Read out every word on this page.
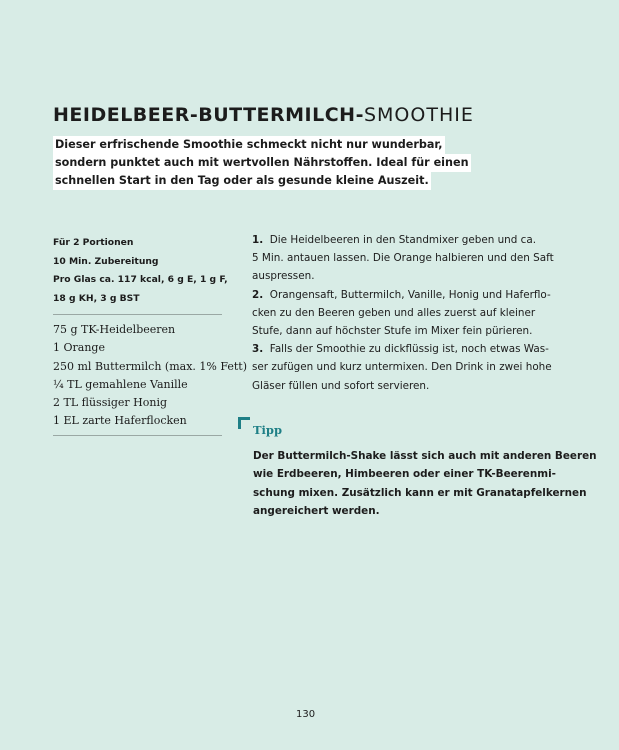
HEIDELBEER-BUTTERMILCH-SMOOTHIE
Dieser erfrischende Smoothie schmeckt nicht nur wunderbar,
sondern punktet auch mit wertvollen Nährstoffen. Ideal für einen
schnellen Start in den Tag oder als gesunde kleine Auszeit.
Für 2 Portionen
10 Min. Zubereitung
Pro Glas ca. 117 kcal, 6 g E, 1 g F,
18 g KH, 3 g BST
75 g TK-Heidelbeeren
1 Orange
250 ml Buttermilch (max. 1% Fett)
¼ TL gemahlene Vanille
2 TL flüssiger Honig
1 EL zarte Haferflocken
1. Die Heidelbeeren in den Standmixer geben und ca.
5 Min. antauen lassen. Die Orange halbieren und den Saft
auspressen.
2. Orangensaft, Buttermilch, Vanille, Honig und Haferflo-
cken zu den Beeren geben und alles zuerst auf kleiner
Stufe, dann auf höchster Stufe im Mixer fein pürieren.
3. Falls der Smoothie zu dickflüssig ist, noch etwas Was-
ser zufügen und kurz untermixen. Den Drink in zwei hohe
Gläser füllen und sofort servieren.
Tipp
Der Buttermilch-Shake lässt sich auch mit anderen Beeren
wie Erdbeeren, Himbeeren oder einer TK-Beerenmi-
schung mixen. Zusätzlich kann er mit Granatapfelkernen
angereichert werden.
130
